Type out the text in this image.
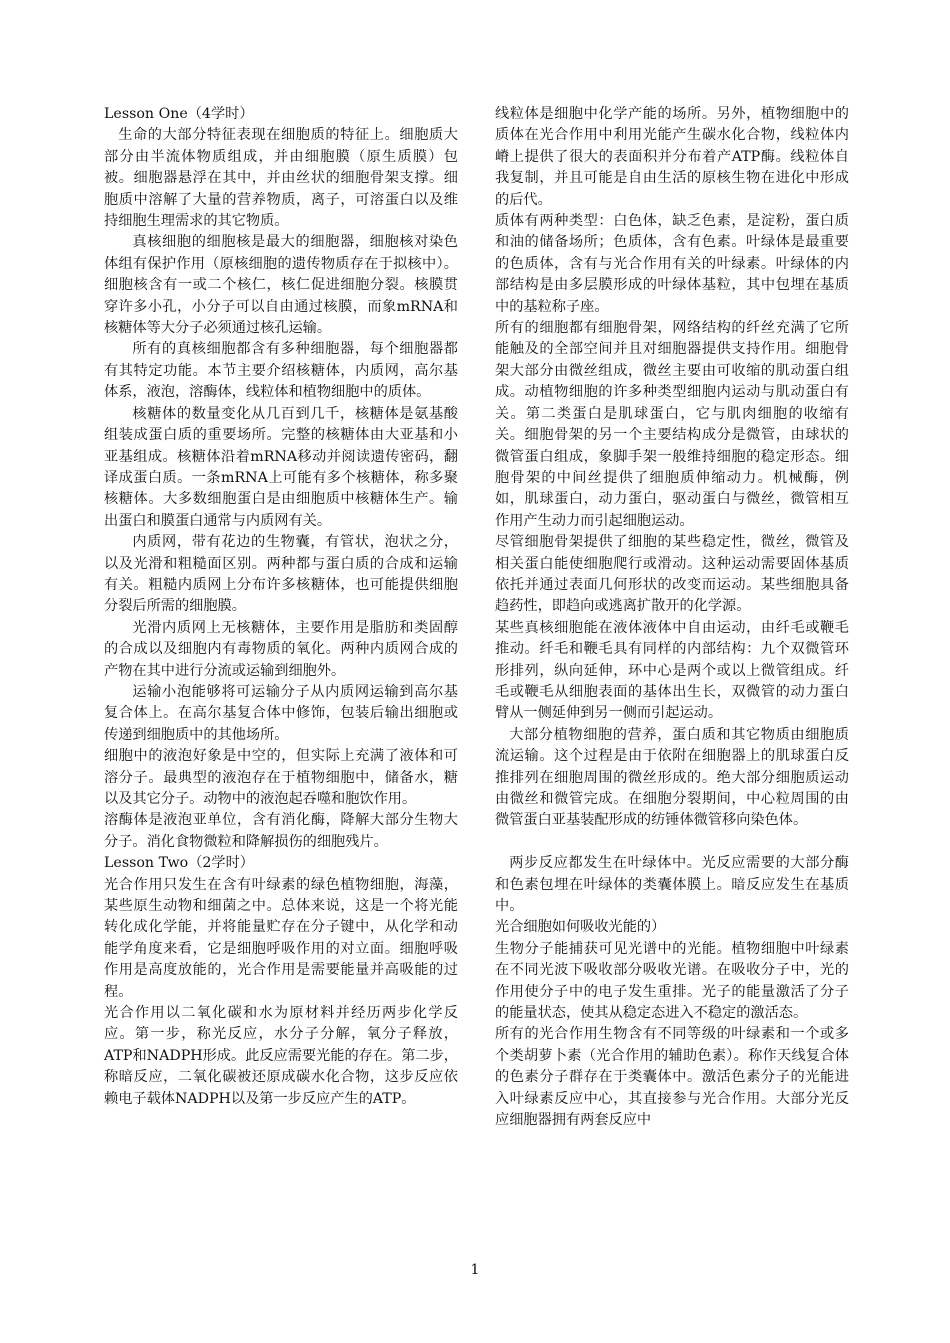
Lesson One（4学时）

生命的大部分特征表现在细胞质的特征上。细胞质大部分由半流体物质组成，并由细胞膜（原生质膜）包被。细胞器悬浮在其中，并由丝状的细胞骨架支撑。细胞质中溶解了大量的营养物质，离子，可溶蛋白以及维持细胞生理需求的其它物质。

真核细胞的细胞核是最大的细胞器，细胞核对染色体组有保护作用（原核细胞的遗传物质存在于拟核中）。细胞核含有一或二个核仁，核仁促进细胞分裂。核膜贯穿许多小孔，小分子可以自由通过核膜，而象mRNA和核糖体等大分子必须通过核孔运输。

所有的真核细胞都含有多种细胞器，每个细胞器都有其特定功能。本节主要介绍核糖体，内质网，高尔基体系，液泡，溶酶体，线粒体和植物细胞中的质体。

核糖体的数量变化从几百到几千，核糖体是氨基酸组装成蛋白质的重要场所。完整的核糖体由大亚基和小亚基组成。核糖体沿着mRNA移动并阅读遗传密码，翻译成蛋白质。一条mRNA上可能有多个核糖体，称多聚核糖体。大多数细胞蛋白是由细胞质中核糖体生产。输出蛋白和膜蛋白通常与内质网有关。

内质网，带有花边的生物囊，有管状，泡状之分，以及光滑和粗糙面区别。两种都与蛋白质的合成和运输有关。粗糙内质网上分布许多核糖体，也可能提供细胞分裂后所需的细胞膜。

光滑内质网上无核糖体，主要作用是脂肪和类固醇的合成以及细胞内有毒物质的氧化。两种内质网合成的产物在其中进行分流或运输到细胞外。

运输小泡能够将可运输分子从内质网运输到高尔基复合体上。在高尔基复合体中修饰，包装后输出细胞或传递到细胞质中的其他场所。

细胞中的液泡好象是中空的，但实际上充满了液体和可溶分子。最典型的液泡存在于植物细胞中，储备水，糖以及其它分子。动物中的液泡起吞噬和胞饮作用。

溶酶体是液泡亚单位，含有消化酶，降解大部分生物大分子。消化食物微粒和降解损伤的细胞残片。

Lesson Two（2学时）

光合作用只发生在含有叶绿素的绿色植物细胞，海藻，某些原生动物和细菌之中。总体来说，这是一个将光能转化成化学能，并将能量贮存在分子键中，从化学和动能学角度来看，它是细胞呼吸作用的对立面。细胞呼吸作用是高度放能的，光合作用是需要能量并高吸能的过程。

光合作用以二氧化碳和水为原材料并经历两步化学反应。第一步，称光反应，水分子分解，氧分子释放，ATP和NADPH形成。此反应需要光能的存在。第二步，称暗反应，二氧化碳被还原成碳水化合物，这步反应依赖电子载体NADPH以及第一步反应产生的ATP。

线粒体是细胞中化学产能的场所。另外，植物细胞中的质体在光合作用中利用光能产生碳水化合物，线粒体内嵴上提供了很大的表面积并分布着产ATP酶。线粒体自我复制，并且可能是自由生活的原核生物在进化中形成的后代。

质体有两种类型：白色体，缺乏色素，是淀粉，蛋白质和油的储备场所；色质体，含有色素。叶绿体是最重要的色质体，含有与光合作用有关的叶绿素。叶绿体的内部结构是由多层膜形成的叶绿体基粒，其中包埋在基质中的基粒称子座。

所有的细胞都有细胞骨架，网络结构的纤丝充满了它所能触及的全部空间并且对细胞器提供支持作用。细胞骨架大部分由微丝组成，微丝主要由可收缩的肌动蛋白组成。动植物细胞的许多种类型细胞内运动与肌动蛋白有关。第二类蛋白是肌球蛋白，它与肌肉细胞的收缩有关。细胞骨架的另一个主要结构成分是微管，由球状的微管蛋白组成，象脚手架一般维持细胞的稳定形态。细胞骨架的中间丝提供了细胞质伸缩动力。机械酶，例如，肌球蛋白，动力蛋白，驱动蛋白与微丝，微管相互作用产生动力而引起细胞运动。

尽管细胞骨架提供了细胞的某些稳定性，微丝，微管及相关蛋白能使细胞爬行或滑动。这种运动需要固体基质依托并通过表面几何形状的改变而运动。某些细胞具备趋药性，即趋向或逃离扩散开的化学源。

某些真核细胞能在液体液体中自由运动，由纤毛或鞭毛推动。纤毛和鞭毛具有同样的内部结构：九个双微管环形排列，纵向延伸，环中心是两个或以上微管组成。纤毛或鞭毛从细胞表面的基体出生长，双微管的动力蛋白臂从一侧延伸到另一侧而引起运动。

大部分植物细胞的营养，蛋白质和其它物质由细胞质流运输。这个过程是由于依附在细胞器上的肌球蛋白反推排列在细胞周围的微丝形成的。绝大部分细胞质运动由微丝和微管完成。在细胞分裂期间，中心粒周围的由微管蛋白亚基装配形成的纺锤体微管移向染色体。

两步反应都发生在叶绿体中。光反应需要的大部分酶和色素包埋在叶绿体的类囊体膜上。暗反应发生在基质中。

光合细胞如何吸收光能的）

生物分子能捕获可见光谱中的光能。植物细胞中叶绿素在不同光波下吸收部分吸收光谱。在吸收分子中，光的作用使分子中的电子发生重排。光子的能量激活了分子的能量状态，使其从稳定态进入不稳定的激活态。

所有的光合作用生物含有不同等级的叶绿素和一个或多个类胡萝卜素（光合作用的辅助色素）。称作天线复合体的色素分子群存在于类囊体中。激活色素分子的光能进入叶绿素反应中心，其直接参与光合作用。大部分光反应细胞器拥有两套反应中

1
